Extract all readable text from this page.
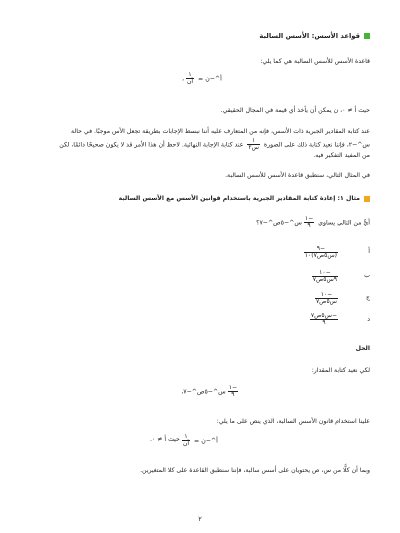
قواعد الأسس: الأسس السالبة
قاعدة الأسس للأسس السالبة هي كما يلي:
أ^−ن =
$\frac{١}{\text{أن}}$
،
حيث أ ≠ ٠، ن يمكن أن يأخذ أي قيمة في المجال الحقيقي.
عند كتابة المقادير الجبرية ذات الأسس، فإنه من المتعارف عليه أننا نبسط الإجابات بطريقة تجعل الأس موجبًا. في حالة
س^−٢، فإننا نعيد كتابة ذلك على الصورة
$\frac{١}{\text{س٢}}$
عند كتابة الإجابة النهائية. لاحظ أن هذا الأمر قد لا يكون صحيحًا دائمًا، لكن
من المفيد التفكير فيه.
في المثال التالي، سنطبق قاعدة الأسس للأسس السالبة.
مثال ١: إعادة كتابة المقادير الجبرية باستخدام قوانين الأسس مع الأسس السالبة
أيٌّ من التالي يساوي
$\frac{-١}{٩}$
س^−٥ص^−٧؟
أ
$\frac{-٩}{\text{(س٥ص٧)١٠}}$
ب
$\frac{-١٠}{\text{٩س٥ص٧}}$
ج
$\frac{-١٠}{\text{س٥ص٧}}$
د
$\frac{\text{−س٥ص٧}}{٩}$
الحل
لكي نعيد كتابة المقدار:
$\frac{-١}{٩}$
س^−٥ص^−٧،
علينا استخدام قانون الأسس السالبة، الذي ينص على ما يلي:
أ^−ن =
$\frac{١}{\text{أن}}$
حيث أ ≠ ٠.
وبما أن كلًّا من س، ص يحتويان على أسس سالبة، فإننا سنطبق القاعدة على كلا المتغيرين.
٢
